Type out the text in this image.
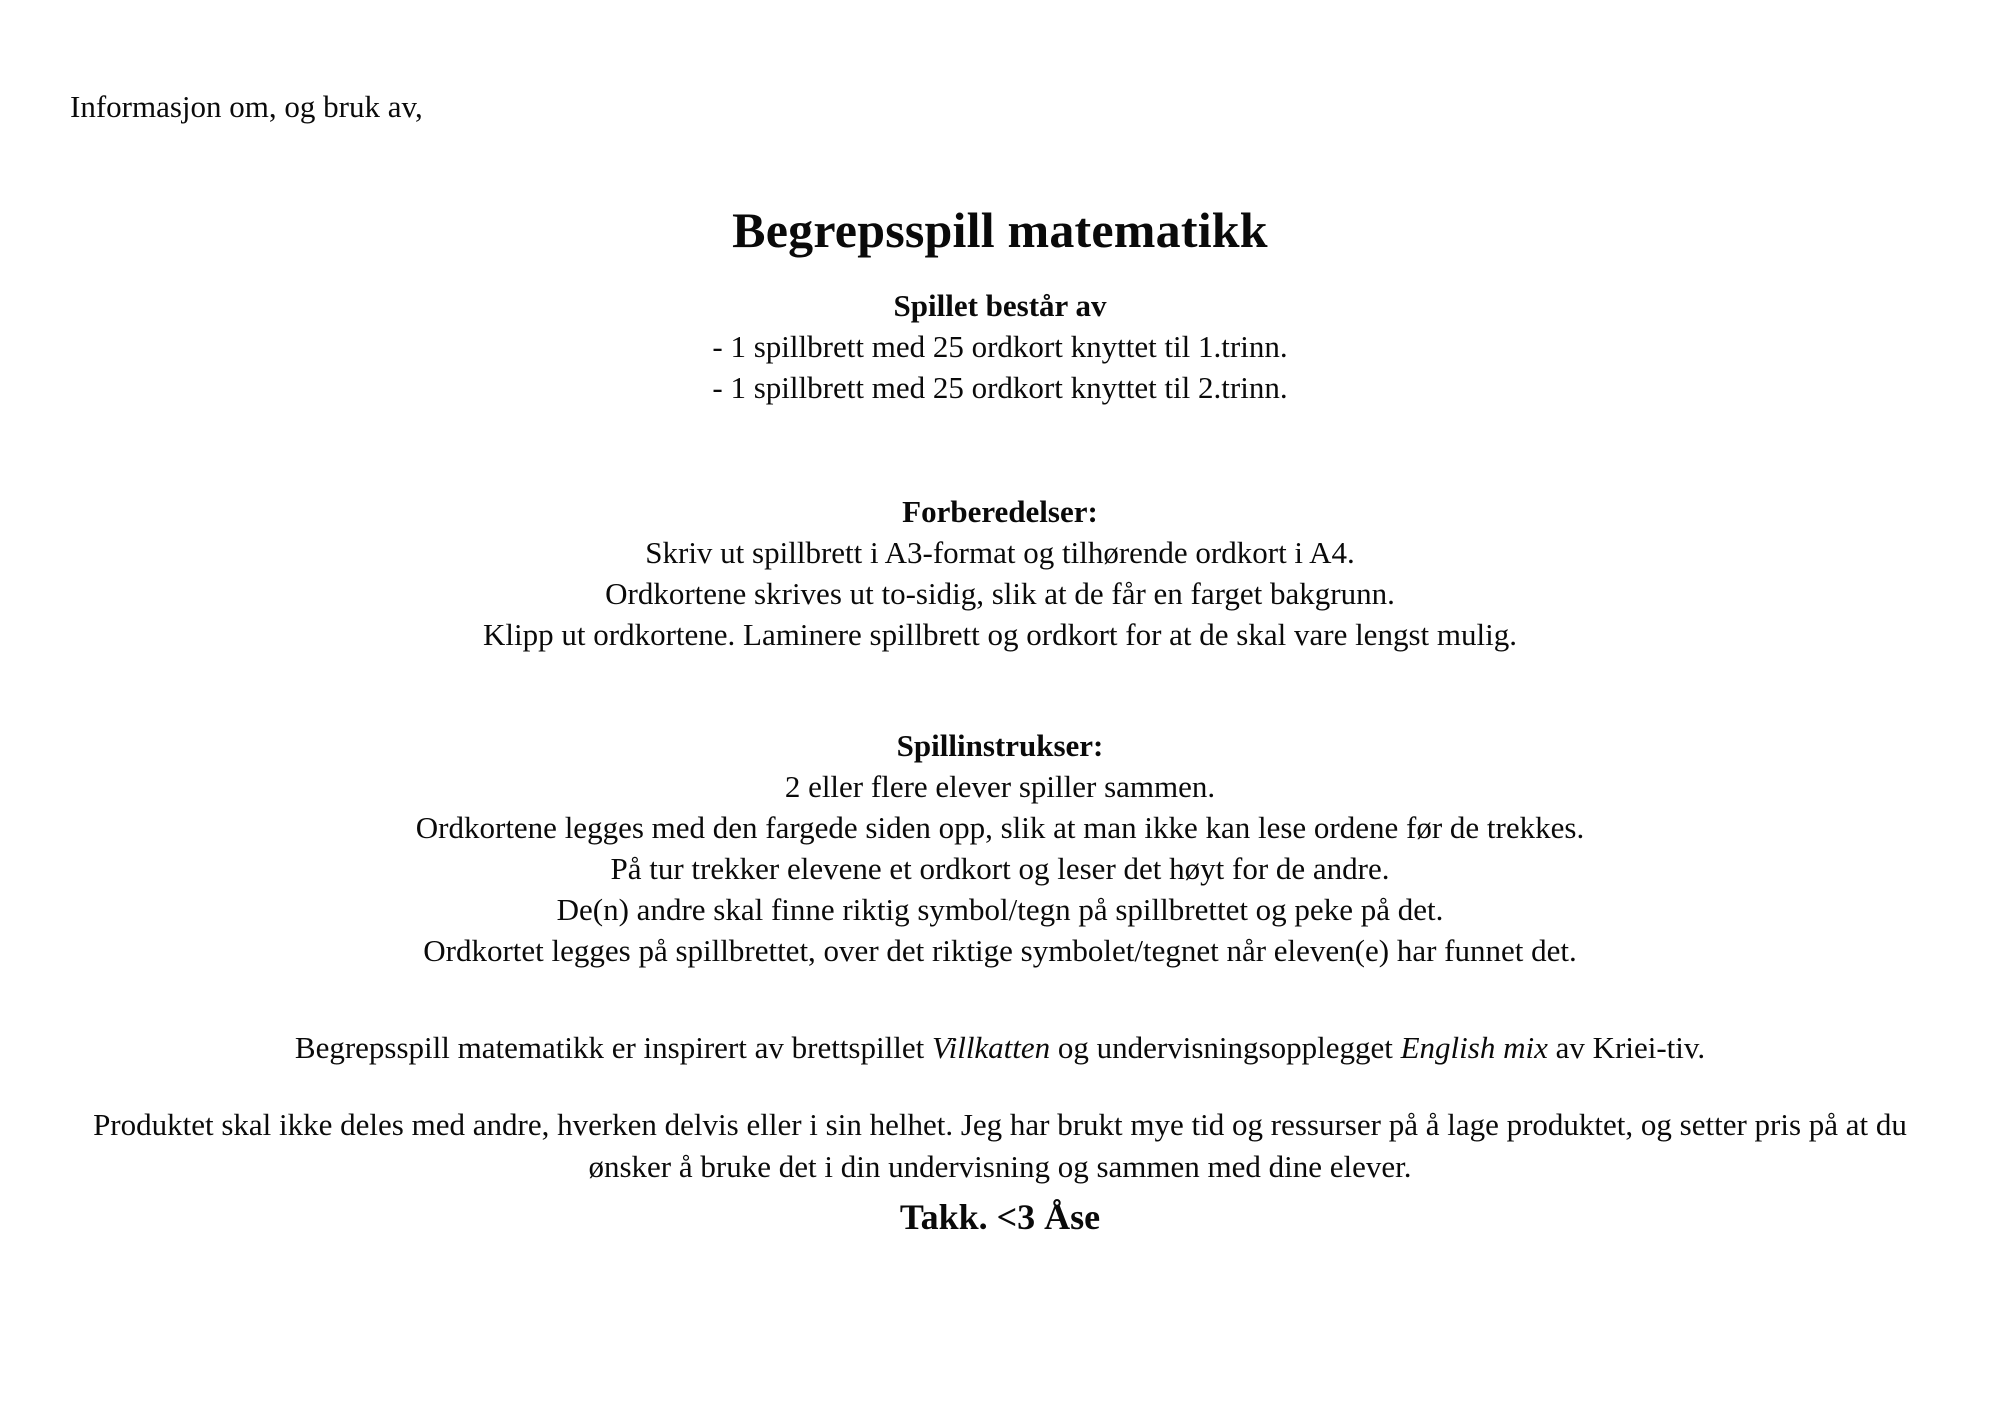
Informasjon om, og bruk av,
Begrepsspill matematikk
Spillet består av
- 1 spillbrett med 25 ordkort knyttet til 1.trinn.
- 1 spillbrett med 25 ordkort knyttet til 2.trinn.
Forberedelser:
Skriv ut spillbrett i A3-format og tilhørende ordkort i A4.
Ordkortene skrives ut to-sidig, slik at de får en farget bakgrunn.
Klipp ut ordkortene. Laminere spillbrett og ordkort for at de skal vare lengst mulig.
Spillinstrukser:
2 eller flere elever spiller sammen.
Ordkortene legges med den fargede siden opp, slik at man ikke kan lese ordene før de trekkes.
På tur trekker elevene et ordkort og leser det høyt for de andre.
De(n) andre skal finne riktig symbol/tegn på spillbrettet og peke på det.
Ordkortet legges på spillbrettet, over det riktige symbolet/tegnet når eleven(e) har funnet det.

Begrepsspill matematikk er inspirert av brettspillet Villkatten og undervisningsopplegget English mix av Kriei-tiv.

Produktet skal ikke deles med andre, hverken delvis eller i sin helhet. Jeg har brukt mye tid og ressurser på å lage produktet, og setter pris på at du ønsker å bruke det i din undervisning og sammen med dine elever.

Takk. <3 Åse
